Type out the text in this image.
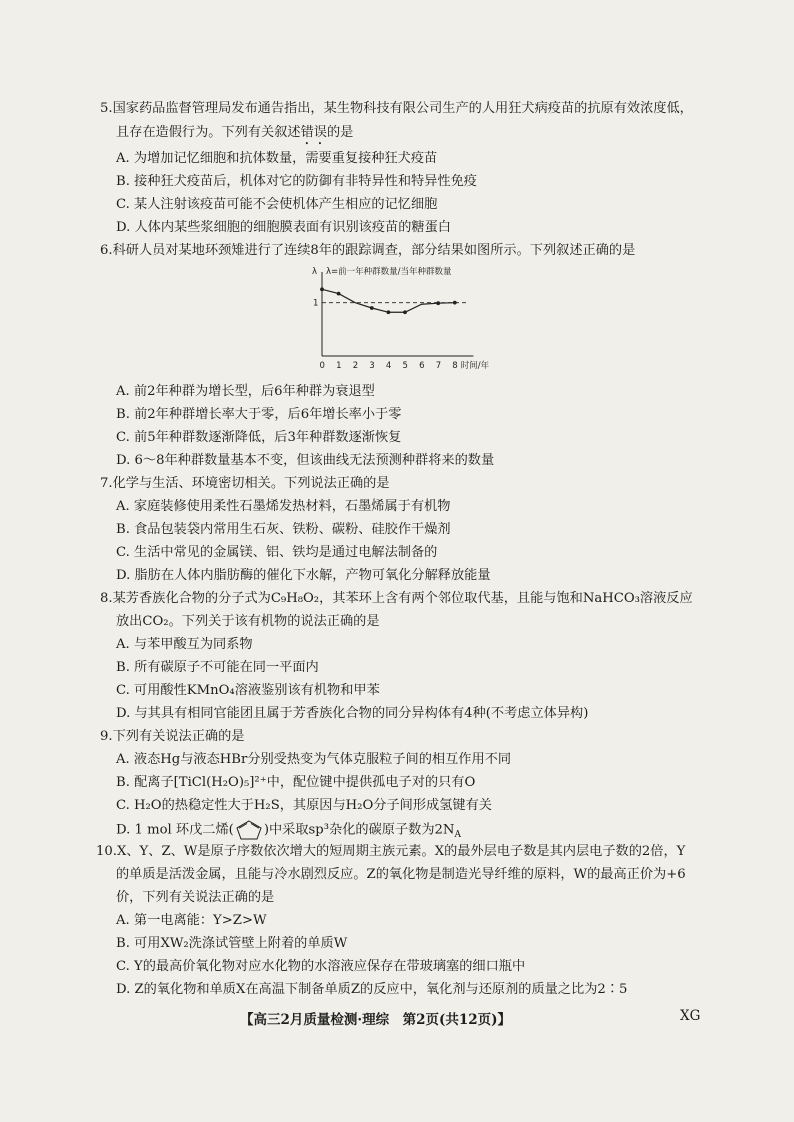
5.国家药品监督管理局发布通告指出，某生物科技有限公司生产的人用狂犬病疫苗的抗原有效浓度低，
且存在造假行为。下列有关叙述错误的是
A. 为增加记忆细胞和抗体数量，需要重复接种狂犬疫苗
B. 接种狂犬疫苗后，机体对它的防御有非特异性和特异性免疫
C. 某人注射该疫苗可能不会使机体产生相应的记忆细胞
D. 人体内某些浆细胞的细胞膜表面有识别该疫苗的糖蛋白
6.科研人员对某地环颈雉进行了连续8年的跟踪调查，部分结果如图所示。下列叙述正确的是
λ λ=前一年种群数量/当年种群数量
1
0 1 2 3 4 5 6 7 8 时间/年
A. 前2年种群为增长型，后6年种群为衰退型
B. 前2年种群增长率大于零，后6年增长率小于零
C. 前5年种群数逐渐降低，后3年种群数逐渐恢复
D. 6～8年种群数量基本不变，但该曲线无法预测种群将来的数量
7.化学与生活、环境密切相关。下列说法正确的是
A. 家庭装修使用柔性石墨烯发热材料，石墨烯属于有机物
B. 食品包装袋内常用生石灰、铁粉、碳粉、硅胶作干燥剂
C. 生活中常见的金属镁、铝、铁均是通过电解法制备的
D. 脂肪在人体内脂肪酶的催化下水解，产物可氧化分解释放能量
8.某芳香族化合物的分子式为C₉H₈O₂，其苯环上含有两个邻位取代基，且能与饱和NaHCO₃溶液反应
放出CO₂。下列关于该有机物的说法正确的是
A. 与苯甲酸互为同系物
B. 所有碳原子不可能在同一平面内
C. 可用酸性KMnO₄溶液鉴别该有机物和甲苯
D. 与其具有相同官能团且属于芳香族化合物的同分异构体有4种(不考虑立体异构)
9.下列有关说法正确的是
A. 液态Hg与液态HBr分别受热变为气体克服粒子间的相互作用不同
B. 配离子[TiCl(H₂O)₅]²⁺中，配位键中提供孤电子对的只有O
C. H₂O的热稳定性大于H₂S，其原因与H₂O分子间形成氢键有关
D. 1 mol 环戊二烯( )中采取sp³杂化的碳原子数为$2N_A$
10.X、Y、Z、W是原子序数依次增大的短周期主族元素。X的最外层电子数是其内层电子数的2倍，Y
的单质是活泼金属，且能与冷水剧烈反应。Z的氧化物是制造光导纤维的原料，W的最高正价为+6
价，下列有关说法正确的是
A. 第一电离能：Y>Z>W
B. 可用XW₂洗涤试管壁上附着的单质W
C. Y的最高价氧化物对应水化物的水溶液应保存在带玻璃塞的细口瓶中
D. Z的氧化物和单质X在高温下制备单质Z的反应中，氧化剂与还原剂的质量之比为2∶5
【高三2月质量检测·理综　第2页(共12页)】	XG
